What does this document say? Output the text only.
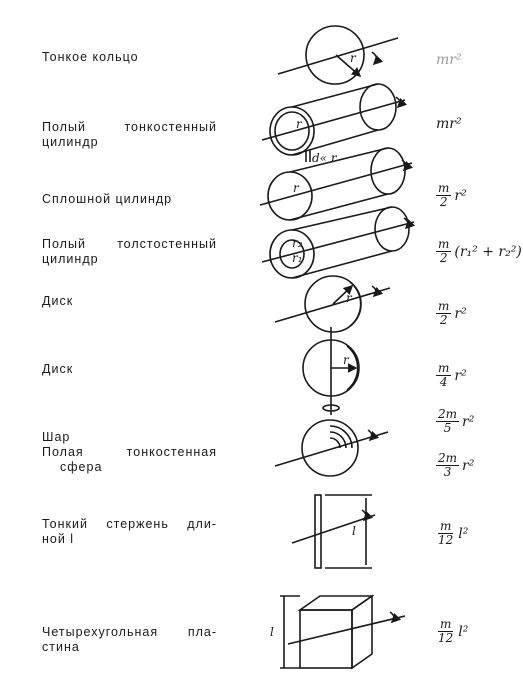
Тонкое кольцо
Полый	тонкостенный
цилиндр
Сплошной цилиндр
Полый толстостенный
цилиндр
Диск
Диск
Шар
Полая	тонкостенная
сфера
Тонкий стержень дли-
ной l
Четырехугольная пла-
стина
mr²
mr²
$\frac{m}{2} r^2$
$\frac{m}{2} (r_1^2 + r_2^2)$
$\frac{m}{2} r^2$
$\frac{m}{4} r^2$
$\frac{2m}{5} r^2$
$\frac{2m}{3} r^2$
$\frac{m}{12} l^2$
$\frac{m}{12} l^2$
r
r
d« r
r
r₂
r₁
r
r
l
l
